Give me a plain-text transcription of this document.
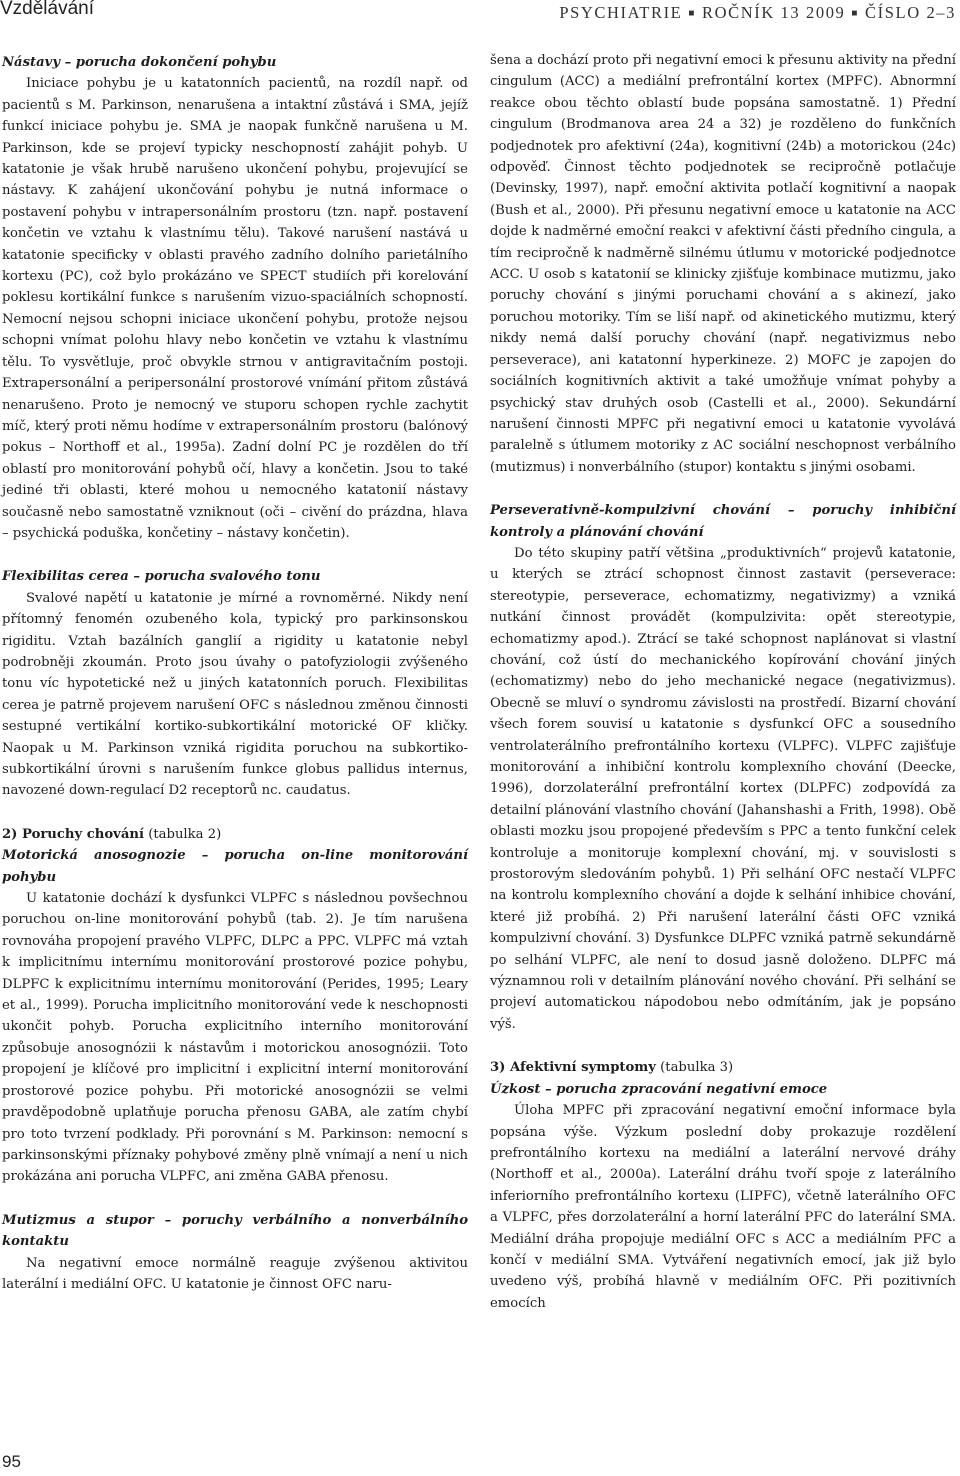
Vzdělávání	PSYCHIATRIE ■ ROČNÍK 13 2009 ■ ČÍSLO 2–3

Nástavy – porucha dokončení pohybu

Iniciace pohybu je u katatonních pacientů, na rozdíl např. od pacientů s M. Parkinson, nenarušena a intaktní zůstává i SMA, jejíž funkcí iniciace pohybu je. SMA je naopak funkčně narušena u M. Parkinson, kde se projeví typicky neschopností zahájit pohyb. U katatonie je však hrubě narušeno ukončení pohybu, projevující se nástavy. K zahájení ukončování pohybu je nutná informace o postavení pohybu v intrapersonálním prostoru (tzn. např. postavení končetin ve vztahu k vlastnímu tělu). Takové narušení nastává u katatonie specificky v oblasti pravého zadního dolního parietálního kortexu (PC), což bylo prokázáno ve SPECT studiích při korelování poklesu kortikální funkce s narušením vizuo-spaciálních schopností. Nemocní nejsou schopni iniciace ukončení pohybu, protože nejsou schopni vnímat polohu hlavy nebo končetin ve vztahu k vlastnímu tělu. To vysvětluje, proč obvykle strnou v antigravitačním postoji. Extrapersonální a peripersonální prostorové vnímání přitom zůstává nenarušeno. Proto je nemocný ve stuporu schopen rychle zachytit míč, který proti němu hodíme v extrapersonálním prostoru (balónový pokus – Northoff et al., 1995a). Zadní dolní PC je rozdělen do tří oblastí pro monitorování pohybů očí, hlavy a končetin. Jsou to také jediné tři oblasti, které mohou u nemocného katatonií nástavy současně nebo samostatně vzniknout (oči – civění do prázdna, hlava – psychická poduška, končetiny – nástavy končetin).

Flexibilitas cerea – porucha svalového tonu

Svalové napětí u katatonie je mírné a rovnoměrné. Nikdy není přítomný fenomén ozubeného kola, typický pro parkinsonskou rigiditu. Vztah bazálních ganglií a rigidity u katatonie nebyl podrobněji zkoumán. Proto jsou úvahy o patofyziologii zvýšeného tonu víc hypotetické než u jiných katatonních poruch. Flexibilitas cerea je patrně projevem narušení OFC s následnou změnou činnosti sestupné vertikální kortiko-subkortikální motorické OF kličky. Naopak u M. Parkinson vzniká rigidita poruchou na subkortiko-subkortikální úrovni s narušením funkce globus pallidus internus, navozené down-regulací D2 receptorů nc. caudatus.

2) Poruchy chování (tabulka 2)

Motorická anosognozie – porucha on-line monitorování pohybu

U katatonie dochází k dysfunkci VLPFC s následnou povšechnou poruchou on-line monitorování pohybů (tab. 2). Je tím narušena rovnováha propojení pravého VLPFC, DLPC a PPC. VLPFC má vztah k implicitnímu internímu monitorování prostorové pozice pohybu, DLPFC k explicitnímu internímu monitorování (Perides, 1995; Leary et al., 1999). Porucha implicitního monitorování vede k neschopnosti ukončit pohyb. Porucha explicitního interního monitorování způsobuje anosognózii k nástavům i motorickou anosognózii. Toto propojení je klíčové pro implicitní i explicitní interní monitorování prostorové pozice pohybu. Při motorické anosognózii se velmi pravděpodobně uplatňuje porucha přenosu GABA, ale zatím chybí pro toto tvrzení podklady. Při porovnání s M. Parkinson: nemocní s parkinsonskými příznaky pohybové změny plně vnímají a není u nich prokázána ani porucha VLPFC, ani změna GABA přenosu.

Mutizmus a stupor – poruchy verbálního a nonverbálního kontaktu

Na negativní emoce normálně reaguje zvýšenou aktivitou laterální i mediální OFC. U katatonie je činnost OFC naru-

šena a dochází proto při negativní emoci k přesunu aktivity na přední cingulum (ACC) a mediální prefrontální kortex (MPFC). Abnormní reakce obou těchto oblastí bude popsána samostatně. 1) Přední cingulum (Brodmanova area 24 a 32) je rozděleno do funkčních podjednotek pro afektivní (24a), kognitivní (24b) a motorickou (24c) odpověď. Činnost těchto podjednotek se recipročně potlačuje (Devinsky, 1997), např. emoční aktivita potlačí kognitivní a naopak (Bush et al., 2000). Při přesunu negativní emoce u katatonie na ACC dojde k nadměrné emoční reakci v afektivní části předního cingula, a tím recipročně k nadměrně silnému útlumu v motorické podjednotce ACC. U osob s katatonií se klinicky zjišťuje kombinace mutizmu, jako poruchy chování s jinými poruchami chování a s akinezí, jako poruchou motoriky. Tím se liší např. od akinetického mutizmu, který nikdy nemá další poruchy chování (např. negativizmus nebo perseverace), ani katatonní hyperkineze. 2) MOFC je zapojen do sociálních kognitivních aktivit a také umožňuje vnímat pohyby a psychický stav druhých osob (Castelli et al., 2000). Sekundární narušení činnosti MPFC při negativní emoci u katatonie vyvolává paralelně s útlumem motoriky z AC sociální neschopnost verbálního (mutizmus) i nonverbálního (stupor) kontaktu s jinými osobami.

Perseverativně-kompulzivní chování – poruchy inhibiční kontroly a plánování chování

Do této skupiny patří většina „produktivních“ projevů katatonie, u kterých se ztrácí schopnost činnost zastavit (perseverace: stereotypie, perseverace, echomatizmy, negativizmy) a vzniká nutkání činnost provádět (kompulzivita: opět stereotypie, echomatizmy apod.). Ztrácí se také schopnost naplánovat si vlastní chování, což ústí do mechanického kopírování chování jiných (echomatizmy) nebo do jeho mechanické negace (negativizmus). Obecně se mluví o syndromu závislosti na prostředí. Bizarní chování všech forem souvisí u katatonie s dysfunkcí OFC a sousedního ventrolaterálního prefrontálního kortexu (VLPFC). VLPFC zajišťuje monitorování a inhibiční kontrolu komplexního chování (Deecke, 1996), dorzolaterální prefrontální kortex (DLPFC) zodpovídá za detailní plánování vlastního chování (Jahanshashi a Frith, 1998). Obě oblasti mozku jsou propojené především s PPC a tento funkční celek kontroluje a monitoruje komplexní chování, mj. v souvislosti s prostorovým sledováním pohybů. 1) Při selhání OFC nestačí VLPFC na kontrolu komplexního chování a dojde k selhání inhibice chování, které již probíhá. 2) Při narušení laterální části OFC vzniká kompulzivní chování. 3) Dysfunkce DLPFC vzniká patrně sekundárně po selhání VLPFC, ale není to dosud jasně doloženo. DLPFC má významnou roli v detailním plánování nového chování. Při selhání se projeví automatickou nápodobou nebo odmítáním, jak je popsáno výš.

3) Afektivní symptomy (tabulka 3)

Úzkost – porucha zpracování negativní emoce

Úloha MPFC při zpracování negativní emoční informace byla popsána výše. Výzkum poslední doby prokazuje rozdělení prefrontálního kortexu na mediální a laterální nervové dráhy (Northoff et al., 2000a). Laterální dráhu tvoří spoje z laterálního inferiorního prefrontálního kortexu (LIPFC), včetně laterálního OFC a VLPFC, přes dorzolaterální a horní laterální PFC do laterální SMA. Mediální dráha propojuje mediální OFC s ACC a mediálním PFC a končí v mediální SMA. Vytváření negativních emocí, jak již bylo uvedeno výš, probíhá hlavně v mediálním OFC. Při pozitivních emocích

95
